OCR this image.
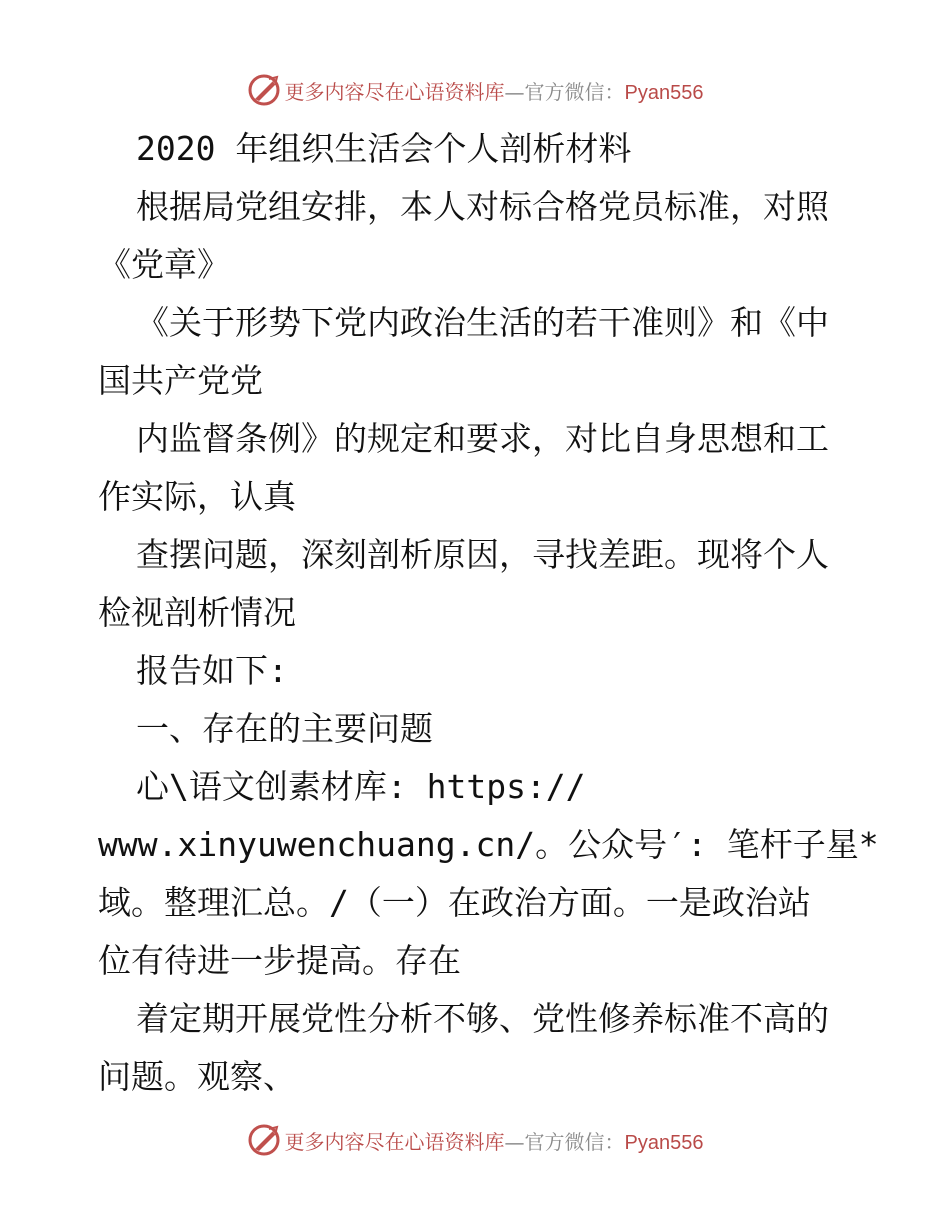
更多内容尽在心语资料库—官方微信：Pyan556
2020 年组织生活会个人剖析材料
根据局党组安排，本人对标合格党员标准，对照
《党章》
《关于形势下党内政治生活的若干准则》和《中
国共产党党
内监督条例》的规定和要求，对比自身思想和工
作实际，认真
查摆问题，深刻剖析原因，寻找差距。现将个人
检视剖析情况
报告如下:
一、存在的主要问题
心\语文创素材库: https://
www.xinyuwenchuang.cn/。公众号′: 笔杆子星*
域。整理汇总。/（一）在政治方面。一是政治站
位有待进一步提高。存在
着定期开展党性分析不够、党性修养标准不高的
问题。观察、
更多内容尽在心语资料库—官方微信：Pyan556
